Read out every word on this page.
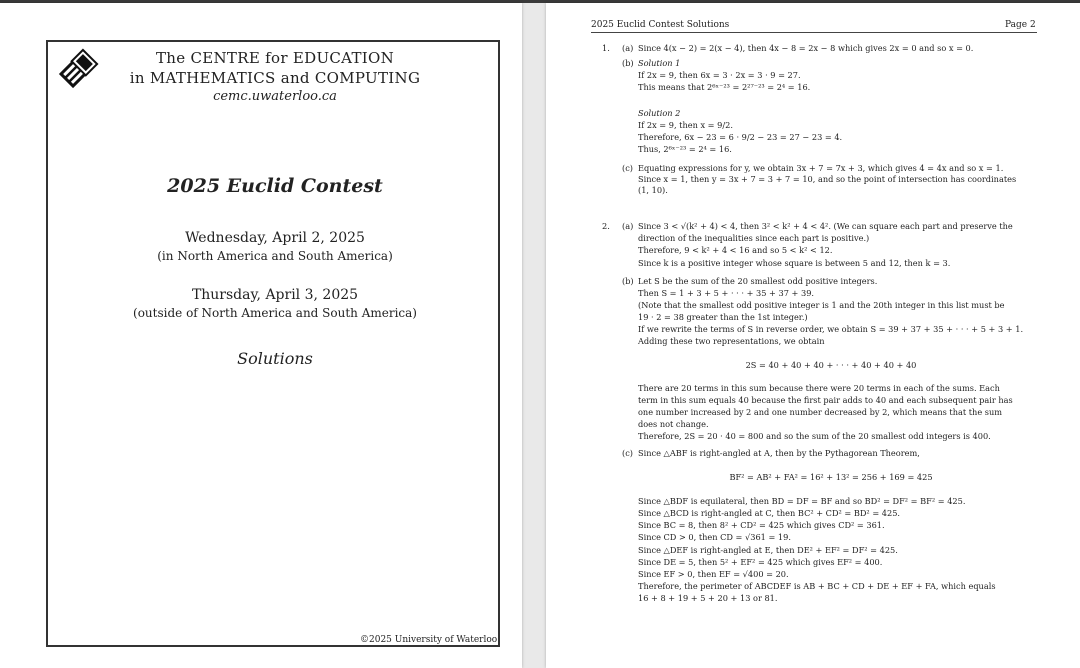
The CENTRE for EDUCATION
in MATHEMATICS and COMPUTING
cemc.uwaterloo.ca
2025 Euclid Contest
Wednesday, April 2, 2025
(in North America and South America)
Thursday, April 3, 2025
(outside of North America and South America)
Solutions
©2025 University of Waterloo
2025 Euclid Contest Solutions	Page 2
1. (a) Since 4(x − 2) = 2(x − 4), then 4x − 8 = 2x − 8 which gives 2x = 0 and so x = 0.
(b) Solution 1
If 2x = 9, then 6x = 3 · 2x = 3 · 9 = 27.
This means that 2⁶ˣ⁻²³ = 2²⁷⁻²³ = 2⁴ = 16.
Solution 2
If 2x = 9, then x = 9/2.
Therefore, 6x − 23 = 6 · 9/2 − 23 = 27 − 23 = 4.
Thus, 2⁶ˣ⁻²³ = 2⁴ = 16.
(c) Equating expressions for y, we obtain 3x + 7 = 7x + 3, which gives 4 = 4x and so x = 1.
Since x = 1, then y = 3x + 7 = 3 + 7 = 10, and so the point of intersection has coordinates
(1, 10).
2. (a) Since 3 < √(k² + 4) < 4, then 3² < k² + 4 < 4². (We can square each part and preserve the
direction of the inequalities since each part is positive.)
Therefore, 9 < k² + 4 < 16 and so 5 < k² < 12.
Since k is a positive integer whose square is between 5 and 12, then k = 3.
(b) Let S be the sum of the 20 smallest odd positive integers.
Then S = 1 + 3 + 5 + · · · + 35 + 37 + 39.
(Note that the smallest odd positive integer is 1 and the 20th integer in this list must be
19 · 2 = 38 greater than the 1st integer.)
If we rewrite the terms of S in reverse order, we obtain S = 39 + 37 + 35 + · · · + 5 + 3 + 1.
Adding these two representations, we obtain
2S = 40 + 40 + 40 + · · · + 40 + 40 + 40
There are 20 terms in this sum because there were 20 terms in each of the sums. Each
term in this sum equals 40 because the first pair adds to 40 and each subsequent pair has
one number increased by 2 and one number decreased by 2, which means that the sum
does not change.
Therefore, 2S = 20 · 40 = 800 and so the sum of the 20 smallest odd integers is 400.
(c) Since △ABF is right-angled at A, then by the Pythagorean Theorem,
BF² = AB² + FA² = 16² + 13² = 256 + 169 = 425
Since △BDF is equilateral, then BD = DF = BF and so BD² = DF² = BF² = 425.
Since △BCD is right-angled at C, then BC² + CD² = BD² = 425.
Since BC = 8, then 8² + CD² = 425 which gives CD² = 361.
Since CD > 0, then CD = √361 = 19.
Since △DEF is right-angled at E, then DE² + EF² = DF² = 425.
Since DE = 5, then 5² + EF² = 425 which gives EF² = 400.
Since EF > 0, then EF = √400 = 20.
Therefore, the perimeter of ABCDEF is AB + BC + CD + DE + EF + FA, which equals
16 + 8 + 19 + 5 + 20 + 13 or 81.
